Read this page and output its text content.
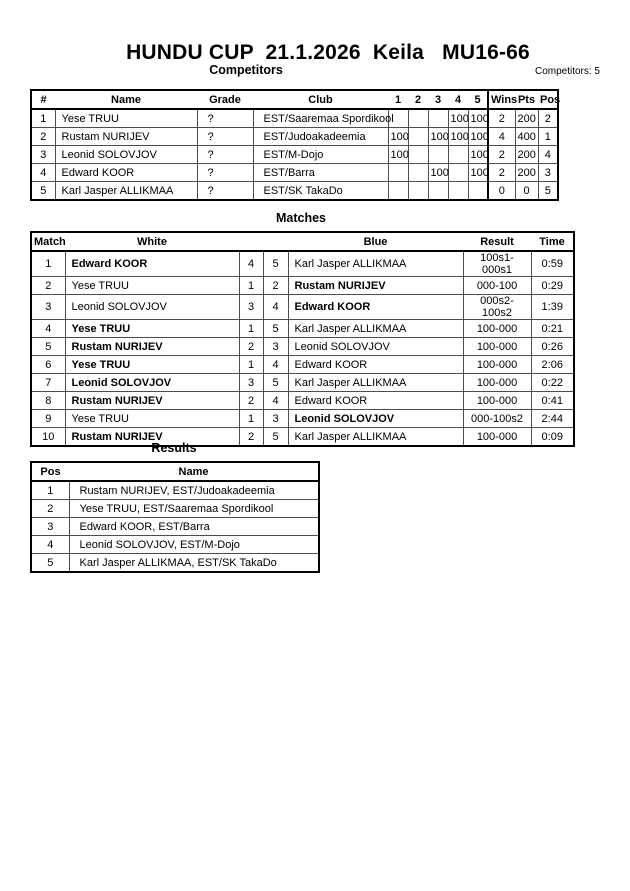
HUNDU CUP  21.1.2026  Keila   MU16-66
Competitors	Competitors: 5
#	Name	Grade	Club	1	2	3	4	5	Wins	Pts	Pos
1	Yese TRUU	?	EST/Saaremaa Spordikool				100	100	2	200	2
2	Rustam NURIJEV	?	EST/Judoakadeemia	100		100	100	100	4	400	1
3	Leonid SOLOVJOV	?	EST/M-Dojo	100				100	2	200	4
4	Edward KOOR	?	EST/Barra			100		100	2	200	3
5	Karl Jasper ALLIKMAA	?	EST/SK TakaDo						0	0	5
Matches
Match	White			Blue	Result	Time
1	Edward KOOR	4	5	Karl Jasper ALLIKMAA	100s1-000s1	0:59
2	Yese TRUU	1	2	Rustam NURIJEV	000-100	0:29
3	Leonid SOLOVJOV	3	4	Edward KOOR	000s2-100s2	1:39
4	Yese TRUU	1	5	Karl Jasper ALLIKMAA	100-000	0:21
5	Rustam NURIJEV	2	3	Leonid SOLOVJOV	100-000	0:26
6	Yese TRUU	1	4	Edward KOOR	100-000	2:06
7	Leonid SOLOVJOV	3	5	Karl Jasper ALLIKMAA	100-000	0:22
8	Rustam NURIJEV	2	4	Edward KOOR	100-000	0:41
9	Yese TRUU	1	3	Leonid SOLOVJOV	000-100s2	2:44
10	Rustam NURIJEV	2	5	Karl Jasper ALLIKMAA	100-000	0:09
Results
Pos	Name
1	Rustam NURIJEV, EST/Judoakadeemia
2	Yese TRUU, EST/Saaremaa Spordikool
3	Edward KOOR, EST/Barra
4	Leonid SOLOVJOV, EST/M-Dojo
5	Karl Jasper ALLIKMAA, EST/SK TakaDo
